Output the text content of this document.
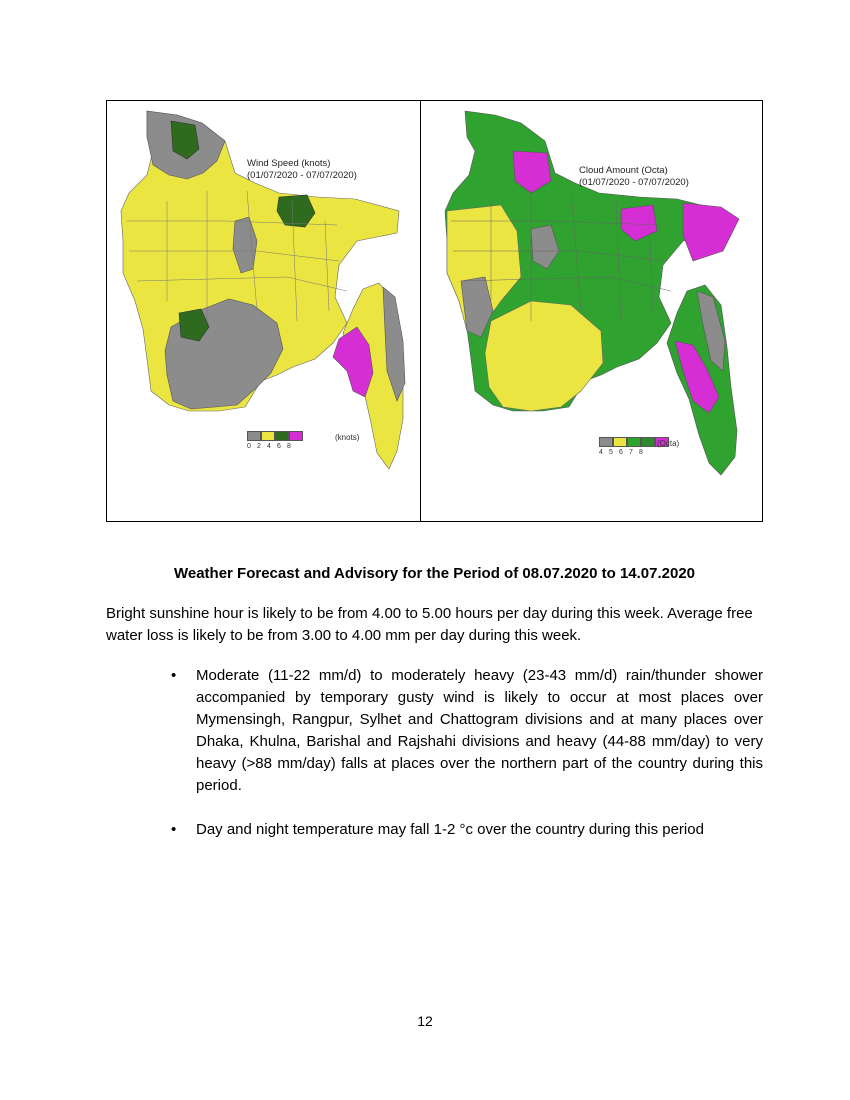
Wind Speed (knots)
(01/07/2020 - 07/07/2020)
0 2 4 6 8
(knots)
Cloud Amount (Octa)
(01/07/2020 - 07/07/2020)
4 5 6 7 8
(Octa)
Weather Forecast and Advisory for the Period of 08.07.2020 to 14.07.2020
Bright sunshine hour is likely to be from 4.00 to 5.00 hours per day during this week. Average free water loss is likely to be from 3.00 to 4.00 mm per day during this week.
• Moderate (11-22 mm/d) to moderately heavy (23-43 mm/d) rain/thunder shower accompanied by temporary gusty wind is likely to occur at most places over Mymensingh, Rangpur, Sylhet and Chattogram divisions and at many places over Dhaka, Khulna, Barishal and Rajshahi divisions and heavy (44-88 mm/day) to very heavy (>88 mm/day) falls at places over the northern part of the country during this period.
• Day and night temperature may fall 1-2 °c over the country during this period
12
